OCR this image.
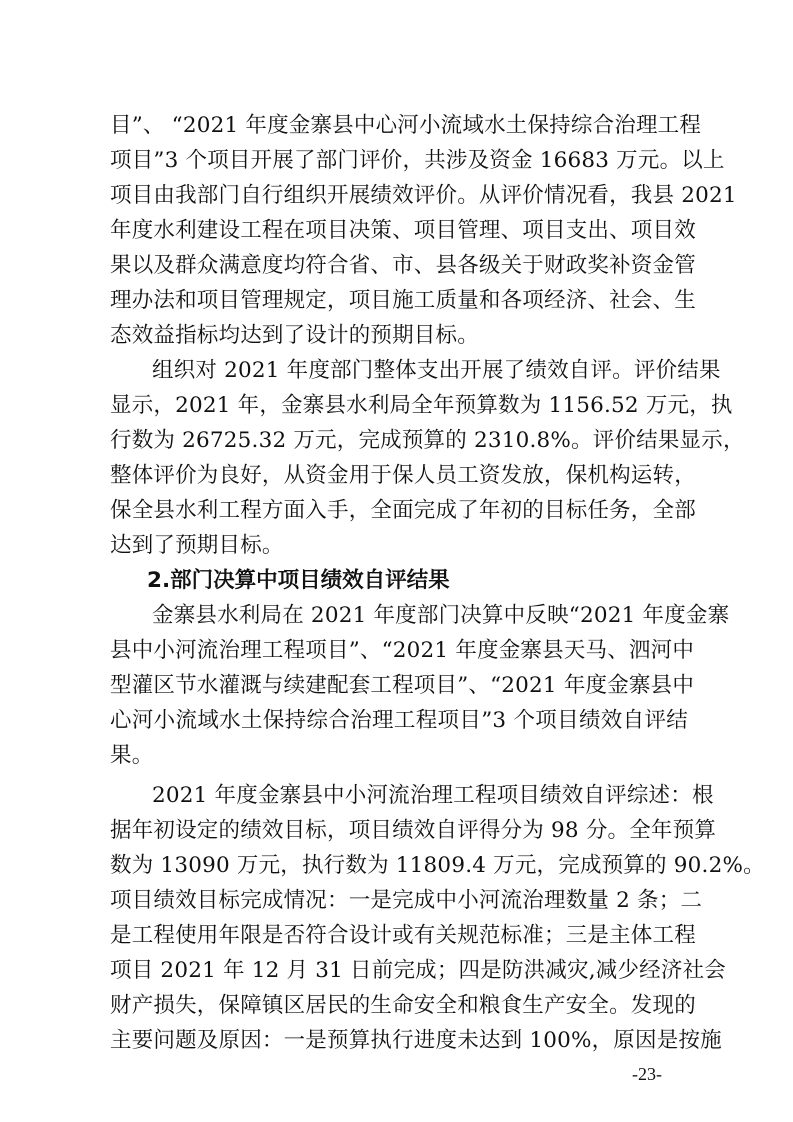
目”、 “2021 年度金寨县中心河小流域水土保持综合治理工程
项目”3 个项目开展了部门评价，共涉及资金 16683 万元。以上
项目由我部门自行组织开展绩效评价。从评价情况看，我县 2021
年度水利建设工程在项目决策、项目管理、项目支出、项目效
果以及群众满意度均符合省、市、县各级关于财政奖补资金管
理办法和项目管理规定，项目施工质量和各项经济、社会、生
态效益指标均达到了设计的预期目标。
组织对 2021 年度部门整体支出开展了绩效自评。评价结果
显示，2021 年，金寨县水利局全年预算数为 1156.52 万元，执
行数为 26725.32 万元，完成预算的 2310.8%。评价结果显示，
整体评价为良好，从资金用于保人员工资发放，保机构运转，
保全县水利工程方面入手，全面完成了年初的目标任务，全部
达到了预期目标。
2.部门决算中项目绩效自评结果
金寨县水利局在 2021 年度部门决算中反映“2021 年度金寨
县中小河流治理工程项目”、“2021 年度金寨县天马、泗河中
型灌区节水灌溉与续建配套工程项目”、“2021 年度金寨县中
心河小流域水土保持综合治理工程项目”3 个项目绩效自评结
果。
2021 年度金寨县中小河流治理工程项目绩效自评综述：根
据年初设定的绩效目标，项目绩效自评得分为 98 分。全年预算
数为 13090 万元，执行数为 11809.4 万元，完成预算的 90.2%。
项目绩效目标完成情况：一是完成中小河流治理数量 2 条；二
是工程使用年限是否符合设计或有关规范标准；三是主体工程
项目 2021 年 12 月 31 日前完成；四是防洪减灾,减少经济社会
财产损失，保障镇区居民的生命安全和粮食生产安全。发现的
主要问题及原因：一是预算执行进度未达到 100%，原因是按施
-23-
